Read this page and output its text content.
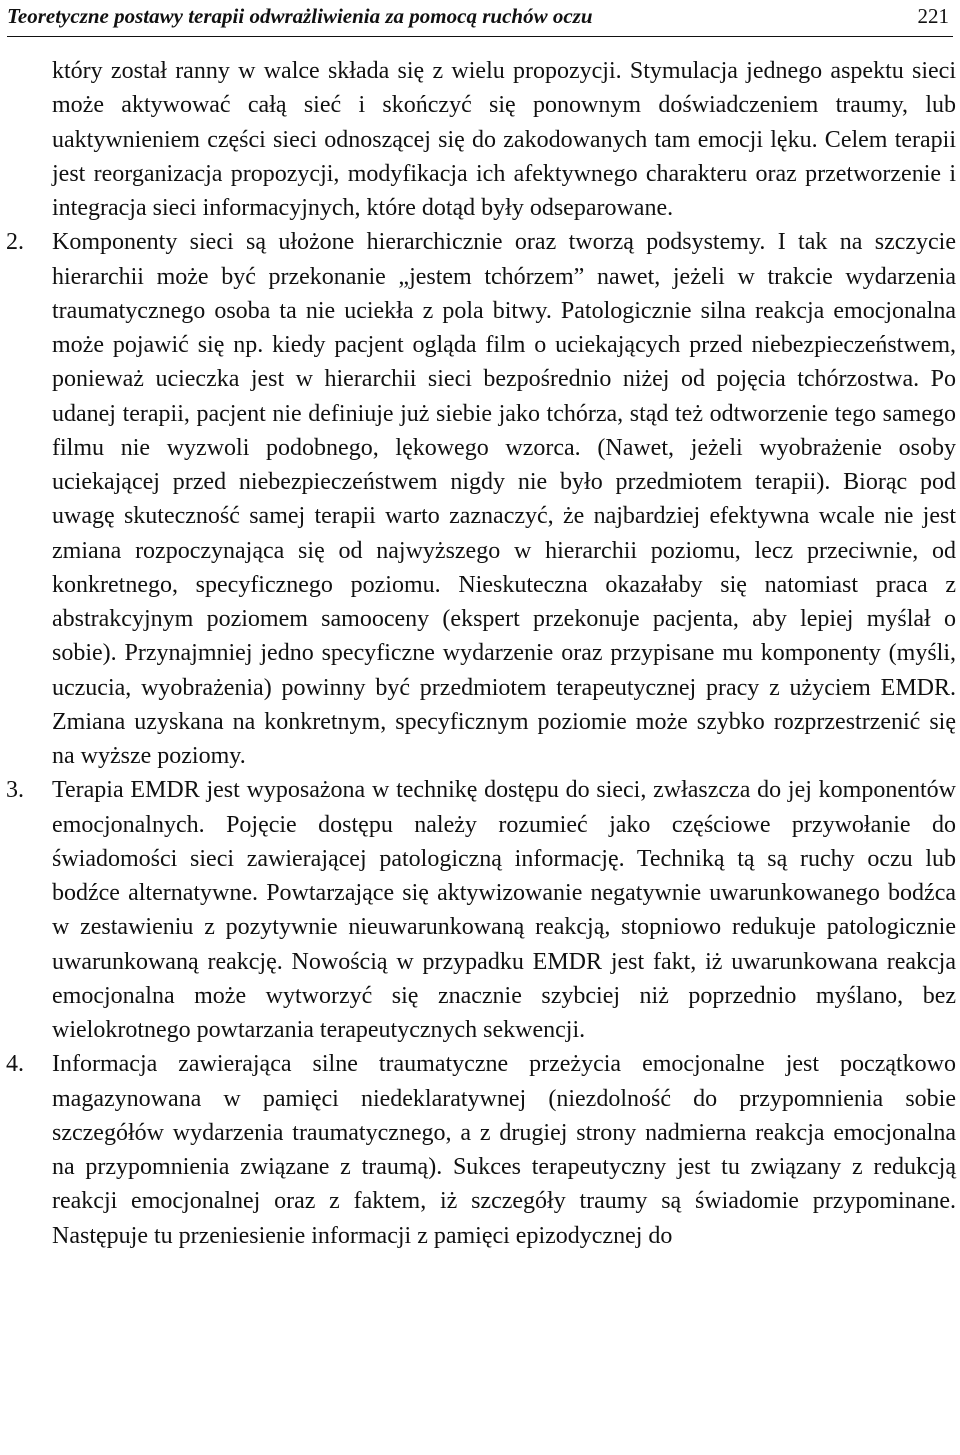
Teoretyczne postawy terapii odwrażliwienia za pomocą ruchów oczu	221

który został ranny w walce składa się z wielu propozycji. Stymulacja jednego aspektu sieci może aktywować całą sieć i skończyć się ponownym doświadczeniem traumy, lub uaktywnieniem części sieci odnoszącej się do zakodowanych tam emocji lęku. Celem terapii jest reorganizacja propozycji, modyfikacja ich afektywnego charakteru oraz przetworzenie i integracja sieci informacyjnych, które dotąd były odseparowane.

2.	Komponenty sieci są ułożone hierarchicznie oraz tworzą podsystemy. I tak na szczycie hierarchii może być przekonanie „jestem tchórzem” nawet, jeżeli w trakcie wydarzenia traumatycznego osoba ta nie uciekła z pola bitwy. Patologicznie silna reakcja emocjonalna może pojawić się np. kiedy pacjent ogląda film o uciekających przed niebezpieczeństwem, ponieważ ucieczka jest w hierarchii sieci bezpośrednio niżej od pojęcia tchórzostwa. Po udanej terapii, pacjent nie definiuje już siebie jako tchórza, stąd też odtworzenie tego samego filmu nie wyzwoli podobnego, lękowego wzorca. (Nawet, jeżeli wyobrażenie osoby uciekającej przed niebezpieczeństwem nigdy nie było przedmiotem terapii). Biorąc pod uwagę skuteczność samej terapii warto zaznaczyć, że najbardziej efektywna wcale nie jest zmiana rozpoczynająca się od najwyższego w hierarchii poziomu, lecz przeciwnie, od konkretnego, specyficznego poziomu. Nieskuteczna okazałaby się natomiast praca z abstrakcyjnym poziomem samooceny (ekspert przekonuje pacjenta, aby lepiej myślał o sobie). Przynajmniej jedno specyficzne wydarzenie oraz przypisane mu komponenty (myśli, uczucia, wyobrażenia) powinny być przedmiotem terapeutycznej pracy z użyciem EMDR. Zmiana uzyskana na konkretnym, specyficznym poziomie może szybko rozprzestrzenić się na wyższe poziomy.

3.	Terapia EMDR jest wyposażona w technikę dostępu do sieci, zwłaszcza do jej komponentów emocjonalnych. Pojęcie dostępu należy rozumieć jako częściowe przywołanie do świadomości sieci zawierającej patologiczną informację. Techniką tą są ruchy oczu lub bodźce alternatywne. Powtarzające się aktywizowanie negatywnie uwarunkowanego bodźca w zestawieniu z pozytywnie nieuwarunkowaną reakcją, stopniowo redukuje patologicznie uwarunkowaną reakcję. Nowością w przypadku EMDR jest fakt, iż uwarunkowana reakcja emocjonalna może wytworzyć się znacznie szybciej niż poprzednio myślano, bez wielokrotnego powtarzania terapeutycznych sekwencji.

4.	Informacja zawierająca silne traumatyczne przeżycia emocjonalne jest początkowo magazynowana w pamięci niedeklaratywnej (niezdolność do przypomnienia sobie szczegółów wydarzenia traumatycznego, a z drugiej strony nadmierna reakcja emocjonalna na przypomnienia związane z traumą). Sukces terapeutyczny jest tu związany z redukcją reakcji emocjonalnej oraz z faktem, iż szczegóły traumy są świadomie przypominane. Następuje tu przeniesienie informacji z pamięci epizodycznej do
